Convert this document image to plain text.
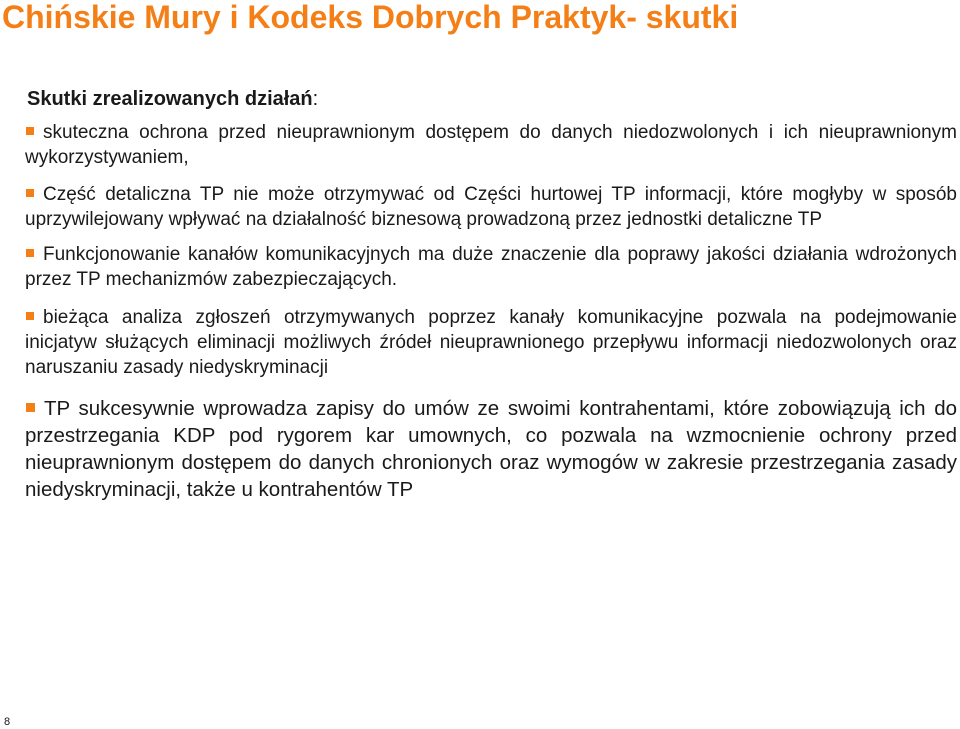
Chińskie Mury i Kodeks Dobrych Praktyk- skutki

Skutki zrealizowanych działań:

skuteczna ochrona przed nieuprawnionym dostępem do danych niedozwolonych i ich nieuprawnionym wykorzystywaniem,
Część detaliczna TP nie może otrzymywać od Części hurtowej TP informacji, które mogłyby w sposób uprzywilejowany wpływać na działalność biznesową prowadzoną przez jednostki detaliczne TP
Funkcjonowanie kanałów komunikacyjnych ma duże znaczenie dla poprawy jakości działania wdrożonych przez TP mechanizmów zabezpieczających.
bieżąca analiza zgłoszeń otrzymywanych poprzez kanały komunikacyjne pozwala na podejmowanie inicjatyw służących eliminacji możliwych źródeł nieuprawnionego przepływu informacji niedozwolonych oraz naruszaniu zasady niedyskryminacji
TP sukcesywnie wprowadza zapisy do umów ze swoimi kontrahentami, które zobowiązują ich do przestrzegania KDP pod rygorem kar umownych, co pozwala na wzmocnienie ochrony przed nieuprawnionym dostępem do danych chronionych oraz wymogów w zakresie przestrzegania zasady niedyskryminacji, także u kontrahentów TP
8
